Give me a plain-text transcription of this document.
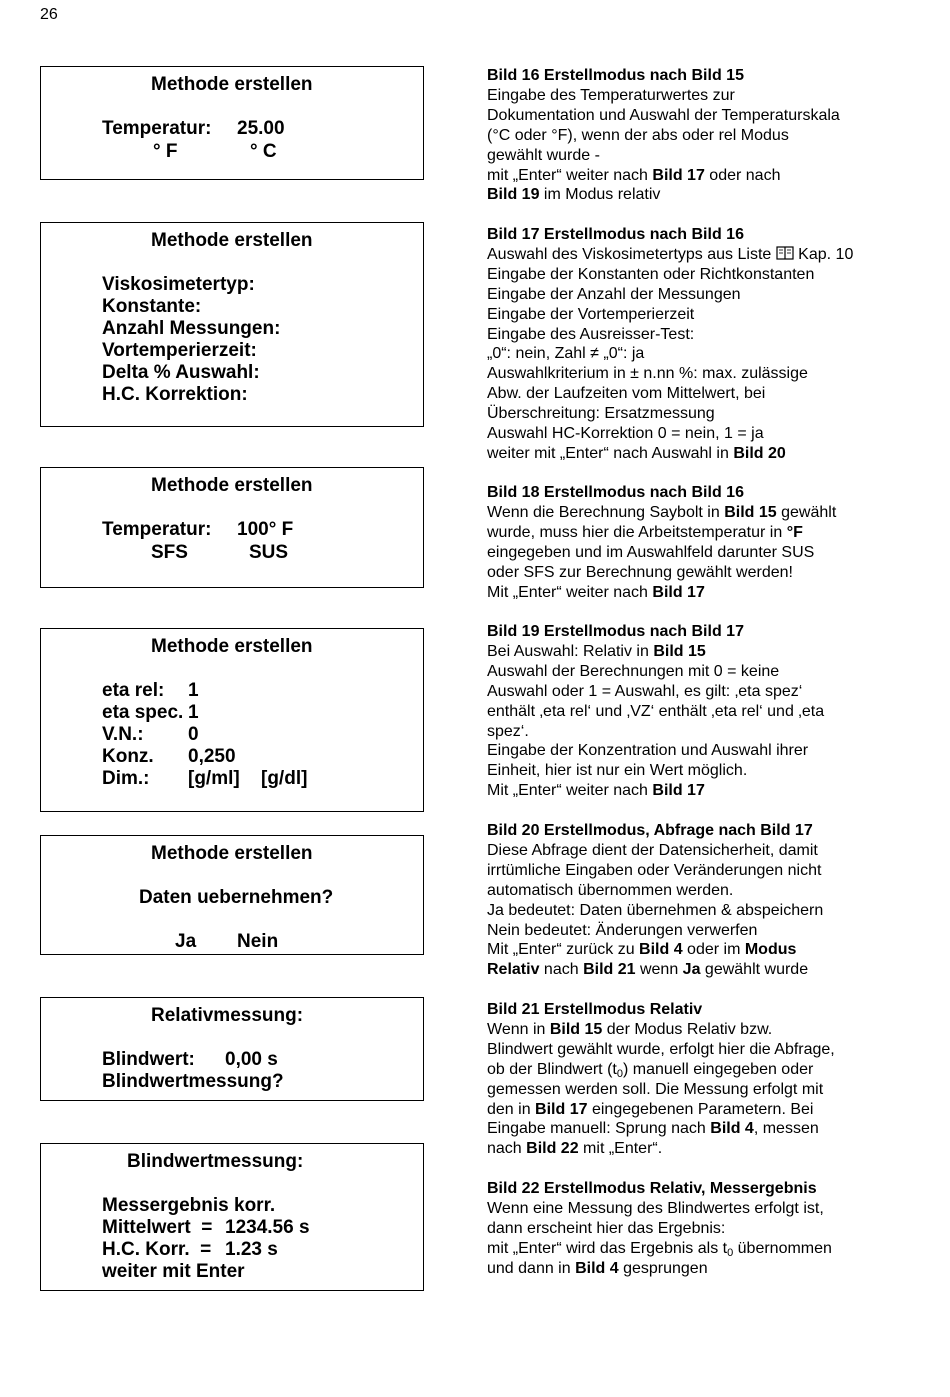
26
Methode erstellen
Temperatur: 25.00
° F	° C
Methode erstellen
Viskosimetertyp:
Konstante:
Anzahl Messungen:
Vortemperierzeit:
Delta % Auswahl:
H.C. Korrektion:
Methode erstellen
Temperatur: 100° F
SFS	SUS
Methode erstellen
eta rel: 1
eta spec. 1
V.N.: 0
Konz. 0,250
Dim.: [g/ml] [g/dl]
Methode erstellen
Daten uebernehmen?
Ja Nein
Relativmessung:
Blindwert: 0,00 s
Blindwertmessung?
Blindwertmessung:
Messergebnis korr.
Mittelwert  = 1234.56 s
H.C. Korr.  = 1.23 s
weiter mit Enter
Bild 16 Erstellmodus nach Bild 15
Eingabe des Temperaturwertes zur
Dokumentation und Auswahl der Temperaturskala
(°C oder °F), wenn der abs oder rel Modus
gewählt wurde -
mit „Enter“ weiter nach Bild 17 oder nach
Bild 19 im Modus relativ
Bild 17 Erstellmodus nach Bild 16
Auswahl des Viskosimetertyps aus Liste  Kap. 10
Eingabe der Konstanten oder Richtkonstanten
Eingabe der Anzahl der Messungen
Eingabe der Vortemperierzeit
Eingabe des Ausreisser-Test:
„0“: nein, Zahl ≠ „0“: ja
Auswahlkriterium in ± n.nn %: max. zulässige
Abw. der Laufzeiten vom Mittelwert, bei
Überschreitung: Ersatzmessung
Auswahl HC-Korrektion 0 = nein, 1 = ja
weiter mit „Enter“ nach Auswahl in Bild 20
Bild 18 Erstellmodus nach Bild 16
Wenn die Berechnung Saybolt in Bild 15 gewählt
wurde, muss hier die Arbeitstemperatur in °F
eingegeben und im Auswahlfeld darunter SUS
oder SFS zur Berechnung gewählt werden!
Mit „Enter“ weiter nach Bild 17
Bild 19 Erstellmodus nach Bild 17
Bei Auswahl: Relativ in Bild 15
Auswahl der Berechnungen mit 0 = keine
Auswahl oder 1 = Auswahl, es gilt: ‚eta spez‘
enthält ‚eta rel‘ und ‚VZ‘ enthält ‚eta rel‘ und ‚eta
spez‘.
Eingabe der Konzentration und Auswahl ihrer
Einheit, hier ist nur ein Wert möglich.
Mit „Enter“ weiter nach Bild 17
Bild 20 Erstellmodus, Abfrage nach Bild 17
Diese Abfrage dient der Datensicherheit, damit
irrtümliche Eingaben oder Veränderungen nicht
automatisch übernommen werden.
Ja bedeutet: Daten übernehmen & abspeichern
Nein bedeutet: Änderungen verwerfen
Mit „Enter“ zurück zu Bild 4 oder im Modus
Relativ nach Bild 21 wenn Ja gewählt wurde
Bild 21 Erstellmodus Relativ
Wenn in Bild 15 der Modus Relativ bzw.
Blindwert gewählt wurde, erfolgt hier die Abfrage,
ob der Blindwert $(t_0)$ manuell eingegeben oder
gemessen werden soll. Die Messung erfolgt mit
den in Bild 17 eingegebenen Parametern. Bei
Eingabe manuell: Sprung nach Bild 4, messen
nach Bild 22 mit „Enter“.
Bild 22 Erstellmodus Relativ, Messergebnis
Wenn eine Messung des Blindwertes erfolgt ist,
dann erscheint hier das Ergebnis:
mit „Enter“ wird das Ergebnis als $t_0$ übernommen
und dann in Bild 4 gesprungen
